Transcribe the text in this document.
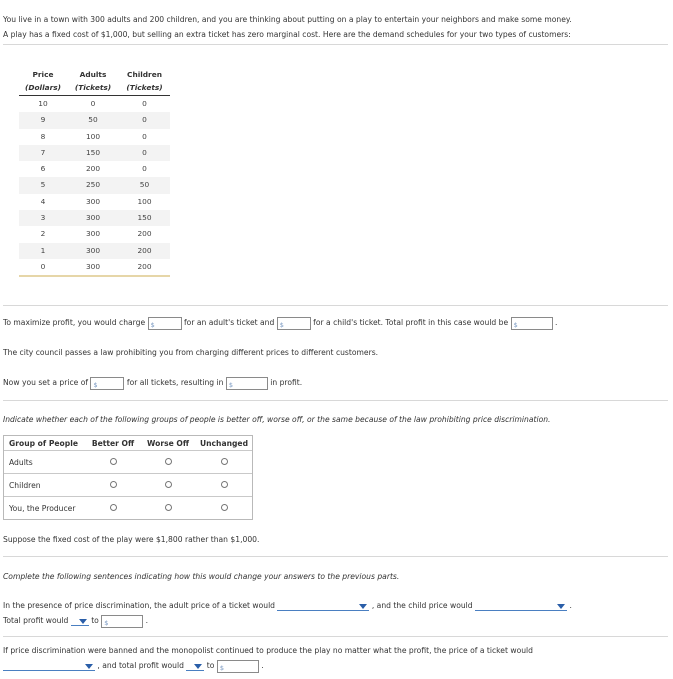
You live in a town with 300 adults and 200 children, and you are thinking about putting on a play to entertain your neighbors and make some money.

A play has a fixed cost of $1,000, but selling an extra ticket has zero marginal cost. Here are the demand schedules for your two types of customers:

Price	Adults	Children
(Dollars)	(Tickets)	(Tickets)
10	0	0
9	50	0
8	100	0
7	150	0
6	200	0
5	250	50
4	300	100
3	300	150
2	300	200
1	300	200
0	300	200
To maximize profit, you would charge $	for an adult's ticket and $	for a child's ticket. Total profit in this case would be $	.
The city council passes a law prohibiting you from charging different prices to different customers.
Now you set a price of $	for all tickets, resulting in $	in profit.
Indicate whether each of the following groups of people is better off, worse off, or the same because of the law prohibiting price discrimination.
Group of People	Better Off	Worse Off	Unchanged
Adults
Children
You, the Producer
Suppose the fixed cost of the play were $1,800 rather than $1,000.
Complete the following sentences indicating how this would change your answers to the previous parts.
In the presence of price discrimination, the adult price of a ticket would	, and the child price would	.
Total profit would	to $	.
If price discrimination were banned and the monopolist continued to produce the play no matter what the profit, the price of a ticket would
, and total profit would	to $	.
